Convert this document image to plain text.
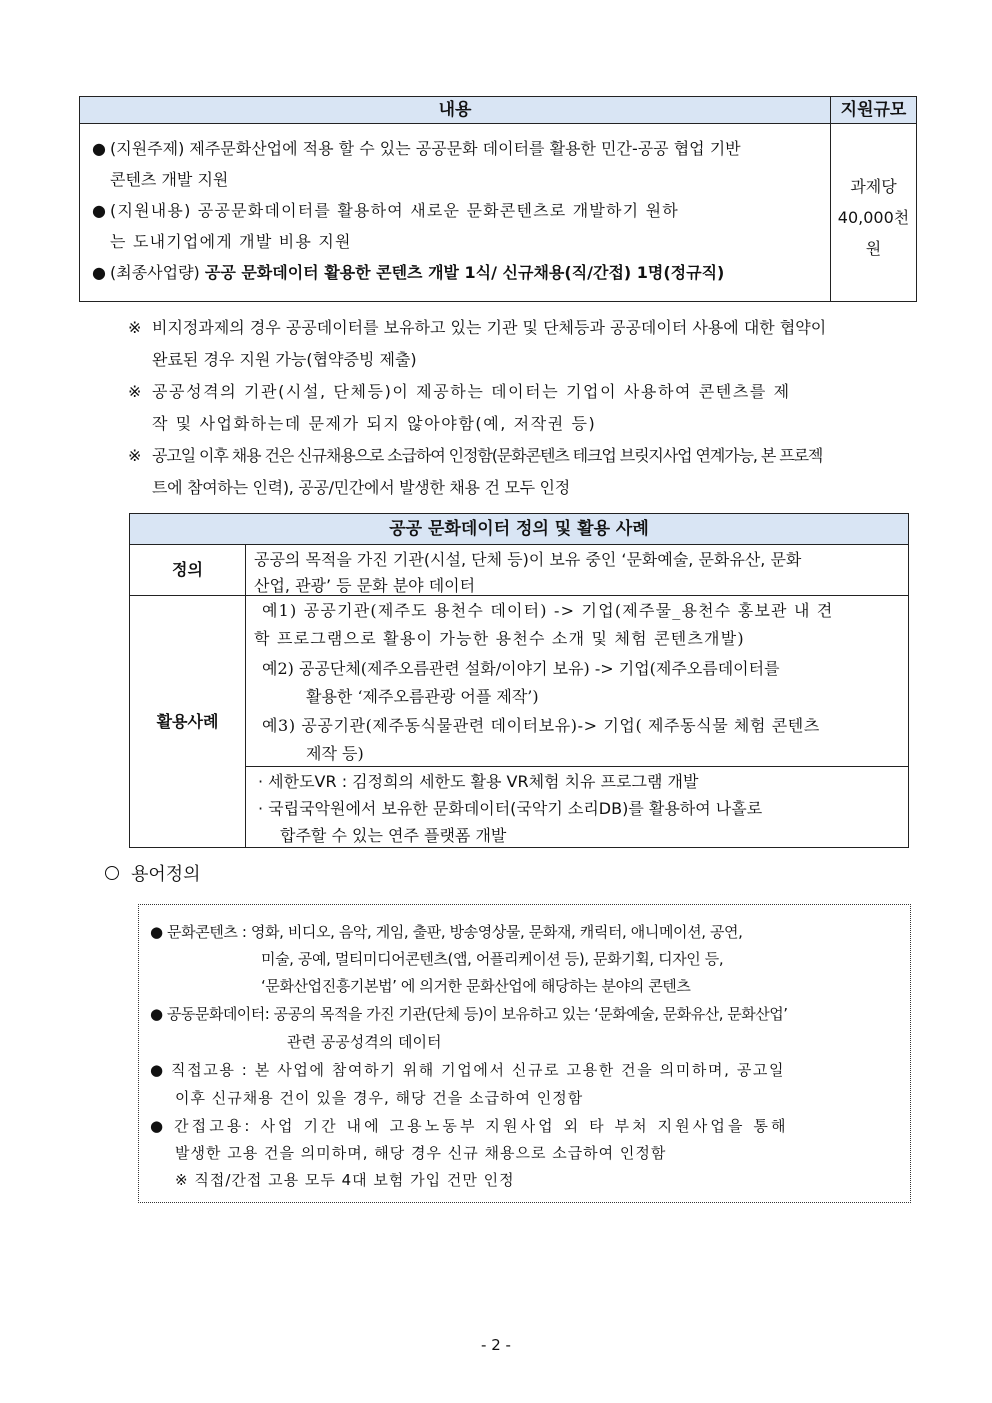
내용	지원규모
● (지원주제) 제주문화산업에 적용 할 수 있는 공공문화 데이터를 활용한 민간-공공 협업 기반
콘텐츠 개발 지원
● (지원내용) 공공문화데이터를 활용하여 새로운 문화콘텐츠로 개발하기 원하
는 도내기업에게 개발 비용 지원
● (최종사업량) 공공 문화데이터 활용한 콘텐츠 개발 1식/ 신규채용(직/간접) 1명(정규직)
과제당
40,000천
원
※ 비지정과제의 경우 공공데이터를 보유하고 있는 기관 및 단체등과 공공데이터 사용에 대한 협약이
완료된 경우 지원 가능(협약증빙 제출)
※ 공공성격의 기관(시설, 단체등)이 제공하는 데이터는 기업이 사용하여 콘텐츠를 제
작 및 사업화하는데 문제가 되지 않아야함(예, 저작권 등)
※ 공고일 이후 채용 건은 신규채용으로 소급하여 인정함(문화콘텐츠 테크업 브릿지사업 연계가능, 본 프로젝
트에 참여하는 인력), 공공/민간에서 발생한 채용 건 모두 인정
공공 문화데이터 정의 및 활용 사례
정의
공공의 목적을 가진 기관(시설, 단체 등)이 보유 중인 ‘문화예술, 문화유산, 문화
산업, 관광’ 등 문화 분야 데이터
활용사례
예1) 공공기관(제주도 용천수 데이터) -> 기업(제주물_용천수 홍보관 내 견
학 프로그램으로 활용이 가능한 용천수 소개 및 체험 콘텐츠개발)
예2) 공공단체(제주오름관련 설화/이야기 보유) -> 기업(제주오름데이터를
활용한 ‘제주오름관광 어플 제작’)
예3) 공공기관(제주동식물관련 데이터보유)-> 기업( 제주동식물 체험 콘텐츠
제작 등)
· 세한도VR : 김정희의 세한도 활용 VR체험 치유 프로그램 개발
· 국립국악원에서 보유한 문화데이터(국악기 소리DB)를 활용하여 나홀로
합주할 수 있는 연주 플랫폼 개발
용어정의
● 문화콘텐츠 : 영화, 비디오, 음악, 게임, 출판, 방송영상물, 문화재, 캐릭터, 애니메이션, 공연,
미술, 공예, 멀티미디어콘텐츠(앱, 어플리케이션 등), 문화기획, 디자인 등,
‘문화산업진흥기본법’ 에 의거한 문화산업에 해당하는 분야의 콘텐츠
● 공동문화데이터: 공공의 목적을 가진 기관(단체 등)이 보유하고 있는 ‘문화예술, 문화유산, 문화산업’
관련 공공성격의 데이터
● 직접고용 : 본 사업에 참여하기 위해 기업에서 신규로 고용한 건을 의미하며, 공고일
이후 신규채용 건이 있을 경우, 해당 건을 소급하여 인정함
● 간접고용: 사업 기간 내에 고용노동부 지원사업 외 타 부처 지원사업을 통해
발생한 고용 건을 의미하며, 해당 경우 신규 채용으로 소급하여 인정함
※ 직접/간접 고용 모두 4대 보험 가입 건만 인정
- 2 -
